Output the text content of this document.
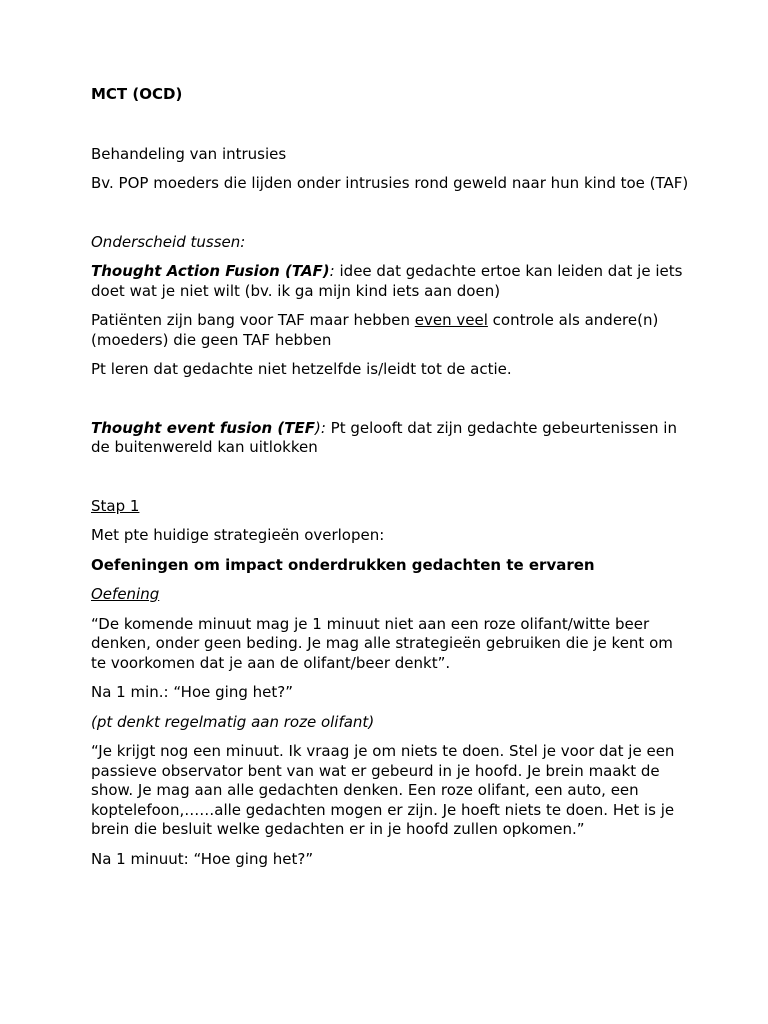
MCT (OCD)

Behandeling van intrusies

Bv. POP moeders die lijden onder intrusies rond geweld naar hun kind toe (TAF)

Onderscheid tussen:

Thought Action Fusion (TAF): idee dat gedachte ertoe kan leiden dat je iets doet wat je niet wilt (bv. ik ga mijn kind iets aan doen)

Patiënten zijn bang voor TAF maar hebben even veel controle als andere(n) (moeders) die geen TAF hebben

Pt leren dat gedachte niet hetzelfde is/leidt tot de actie.

Thought event fusion (TEF): Pt gelooft dat zijn gedachte gebeurtenissen in de buitenwereld kan uitlokken

Stap 1

Met pte huidige strategieën overlopen:

Oefeningen om impact onderdrukken gedachten te ervaren

Oefening

“De komende minuut mag je 1 minuut niet aan een roze olifant/witte beer denken, onder geen beding. Je mag alle strategieën gebruiken die je kent om te voorkomen dat je aan de olifant/beer denkt”.

Na 1 min.: “Hoe ging het?”

(pt denkt regelmatig aan roze olifant)

“Je krijgt nog een minuut. Ik vraag je om niets te doen. Stel je voor dat je een passieve observator bent van wat er gebeurd in je hoofd. Je brein maakt de show. Je mag aan alle gedachten denken. Een roze olifant, een auto, een koptelefoon,……alle gedachten mogen er zijn. Je hoeft niets te doen. Het is je brein die besluit welke gedachten er in je hoofd zullen opkomen.”

Na 1 minuut: “Hoe ging het?”
